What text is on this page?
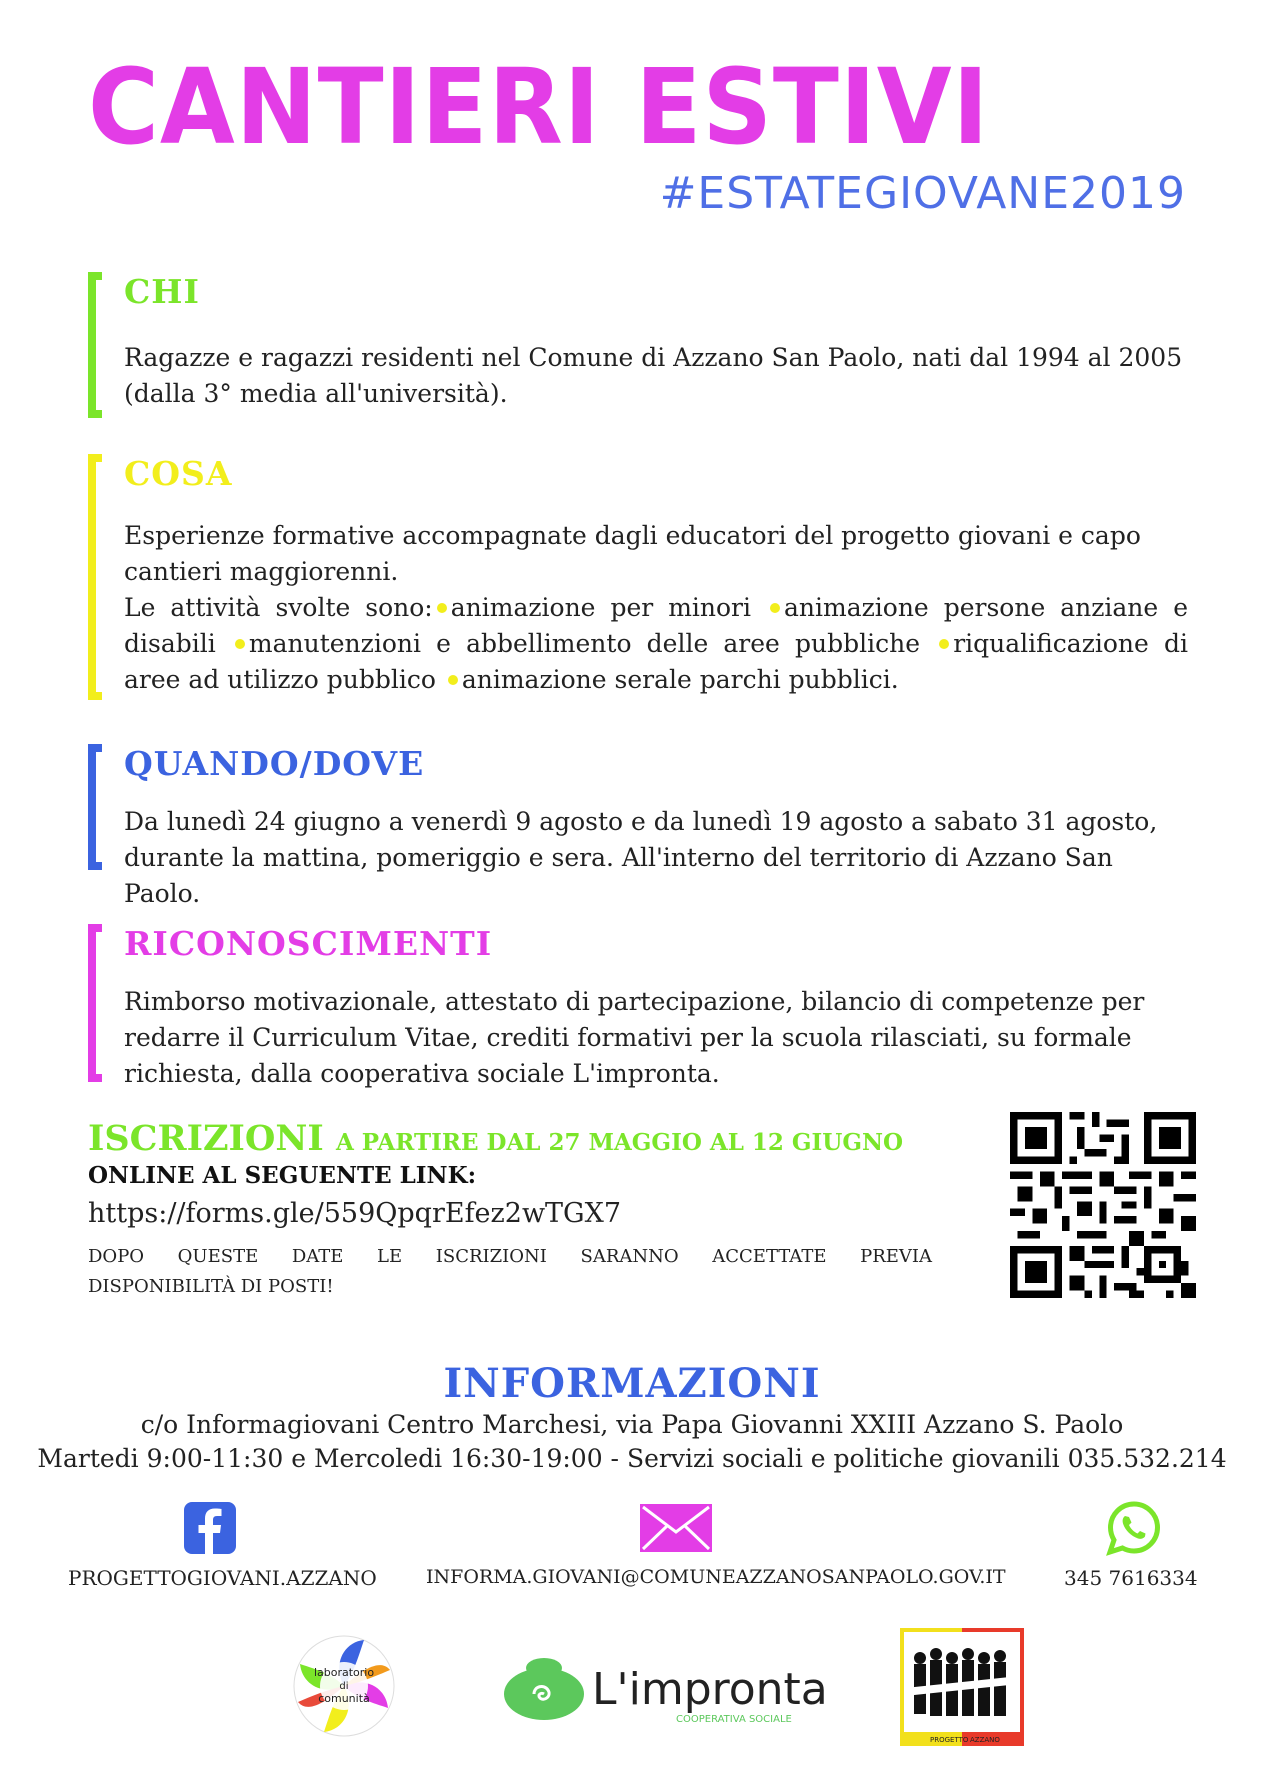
CANTIERI ESTIVI
#ESTATEGIOVANE2019
CHI

Ragazze e ragazzi residenti nel Comune di Azzano San Paolo, nati dal 1994 al 2005 (dalla 3° media all'università).

COSA

Esperienze formative accompagnate dagli educatori del progetto giovani e capo cantieri maggiorenni.

Le attività svolte sono: animazione per minori animazione persone anziane e disabili manutenzioni e abbellimento delle aree pubbliche riqualificazione di aree ad utilizzo pubblico animazione serale parchi pubblici.

QUANDO/DOVE

Da lunedì 24 giugno a venerdì 9 agosto e da lunedì 19 agosto a sabato 31 agosto, durante la mattina, pomeriggio e sera. All'interno del territorio di Azzano San Paolo.

RICONOSCIMENTI

Rimborso motivazionale, attestato di partecipazione, bilancio di competenze per redarre il Curriculum Vitae, crediti formativi per la scuola rilasciati, su formale richiesta, dalla cooperativa sociale L'impronta.

ISCRIZIONI A PARTIRE DAL 27 MAGGIO AL 12 GIUGNO
ONLINE AL SEGUENTE LINK:
https://forms.gle/559QpqrEfez2wTGX7
DOPO QUESTE DATE LE ISCRIZIONI SARANNO ACCETTATE PREVIA
DISPONIBILITÀ DI POSTI!
INFORMAZIONI
c/o Informagiovani Centro Marchesi, via Papa Giovanni XXIII Azzano S. Paolo
Martedi 9:00-11:30 e Mercoledi 16:30-19:00 - Servizi sociali e politiche giovanili 035.532.214
PROGETTOGIOVANI.AZZANO	INFORMA.GIOVANI@COMUNEAZZANOSANPAOLO.GOV.IT	345 7616334
laboratorio
di
comunità	L'impronta
COOPERATIVA SOCIALE
PROGETTO AZZANO
